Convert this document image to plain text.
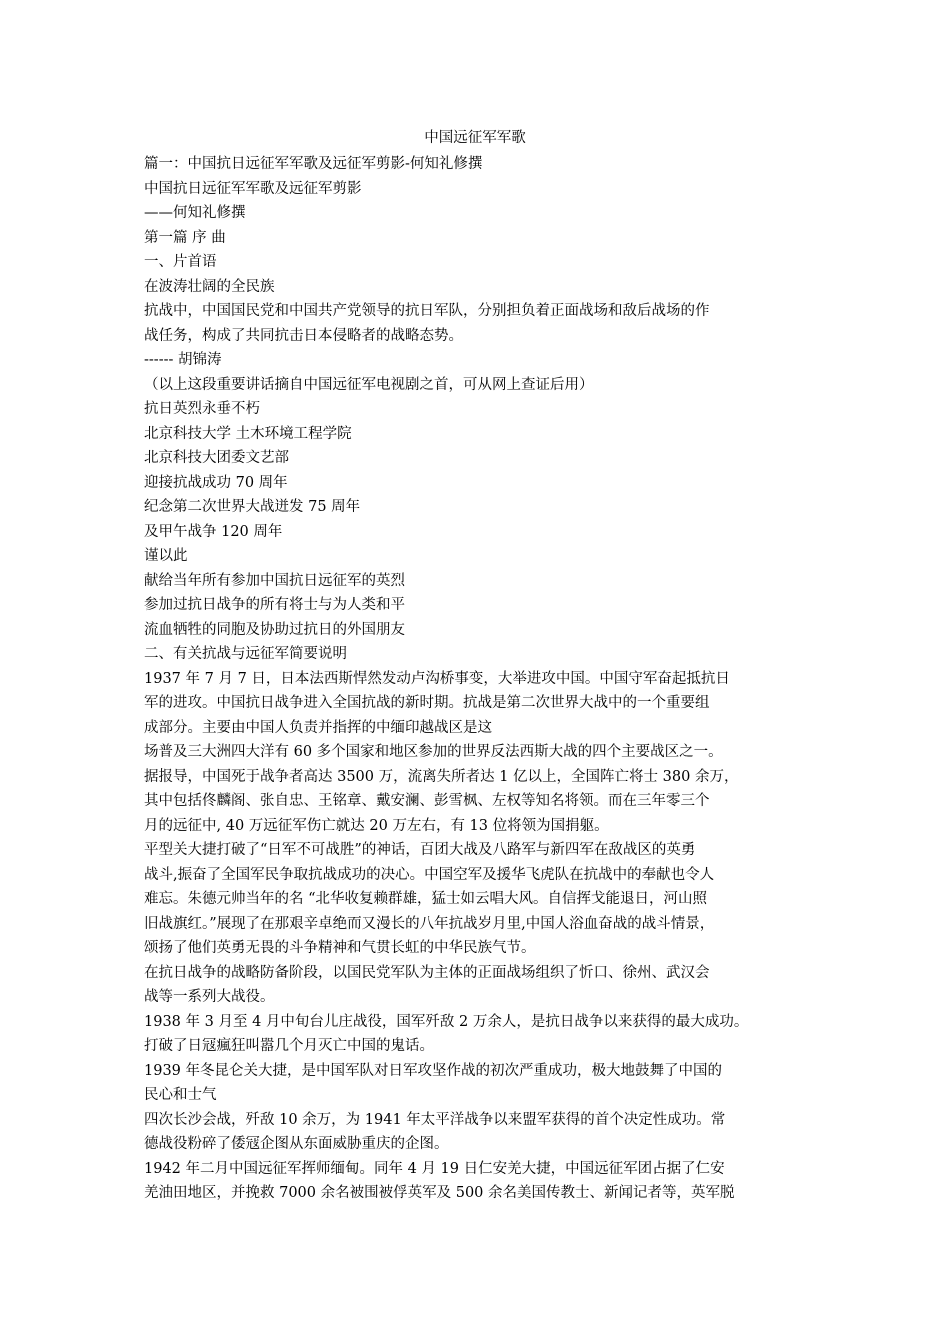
中国远征军军歌
篇一：中国抗日远征军军歌及远征军剪影-何知礼修撰
中国抗日远征军军歌及远征军剪影
——何知礼修撰
第一篇 序 曲
一、片首语
在波涛壮阔的全民族
抗战中，中国国民党和中国共产党领导的抗日军队，分别担负着正面战场和敌后战场的作
战任务，构成了共同抗击日本侵略者的战略态势。
------ 胡锦涛
（以上这段重要讲话摘自中国远征军电视剧之首，可从网上查证后用）
抗日英烈永垂不朽
北京科技大学 土木环境工程学院
北京科技大团委文艺部
迎接抗战成功 70 周年
纪念第二次世界大战迸发 75 周年
及甲午战争 120 周年
谨以此
献给当年所有参加中国抗日远征军的英烈
参加过抗日战争的所有将士与为人类和平
流血牺牲的同胞及协助过抗日的外国朋友
二、有关抗战与远征军简要说明
1937 年 7 月 7 日，日本法西斯悍然发动卢沟桥事变，大举进攻中国。中国守军奋起抵抗日
军的进攻。中国抗日战争进入全国抗战的新时期。抗战是第二次世界大战中的一个重要组
成部分。主要由中国人负责并指挥的中缅印越战区是这
场普及三大洲四大洋有 60 多个国家和地区参加的世界反法西斯大战的四个主要战区之一。
据报导，中国死于战争者高达 3500 万，流离失所者达 1 亿以上，全国阵亡将士 380 余万，
其中包括佟麟阁、张自忠、王铭章、戴安澜、彭雪枫、左权等知名将领。而在三年零三个
月的远征中, 40 万远征军伤亡就达 20 万左右，有 13 位将领为国捐躯。
平型关大捷打破了“日军不可战胜”的神话，百团大战及八路军与新四军在敌战区的英勇
战斗,振奋了全国军民争取抗战成功的决心。中国空军及援华飞虎队在抗战中的奉献也令人
难忘。朱德元帅当年的名 “北华收复赖群雄，猛士如云唱大风。自信挥戈能退日，河山照
旧战旗红。”展现了在那艰辛卓绝而又漫长的八年抗战岁月里,中国人浴血奋战的战斗情景，
颂扬了他们英勇无畏的斗争精神和气贯长虹的中华民族气节。
在抗日战争的战略防备阶段，以国民党军队为主体的正面战场组织了忻口、徐州、武汉会
战等一系列大战役。
1938 年 3 月至 4 月中旬台儿庄战役，国军歼敌 2 万余人，是抗日战争以来获得的最大成功。
打破了日冦瘋狂叫嚣几个月灭亡中国的鬼话。
1939 年冬昆仑关大捷，是中国军队对日军攻坚作战的初次严重成功，极大地鼓舞了中国的
民心和士气
四次长沙会战，歼敌 10 余万，为 1941 年太平洋战争以来盟军获得的首个决定性成功。常
德战役粉碎了倭冦企图从东面威胁重庆的企图。
1942 年二月中国远征军挥师缅甸。同年 4 月 19 日仁安羌大捷，中国远征军团占据了仁安
羌油田地区，并挽救 7000 余名被围被俘英军及 500 余名美国传教士、新闻记者等，英军脱
